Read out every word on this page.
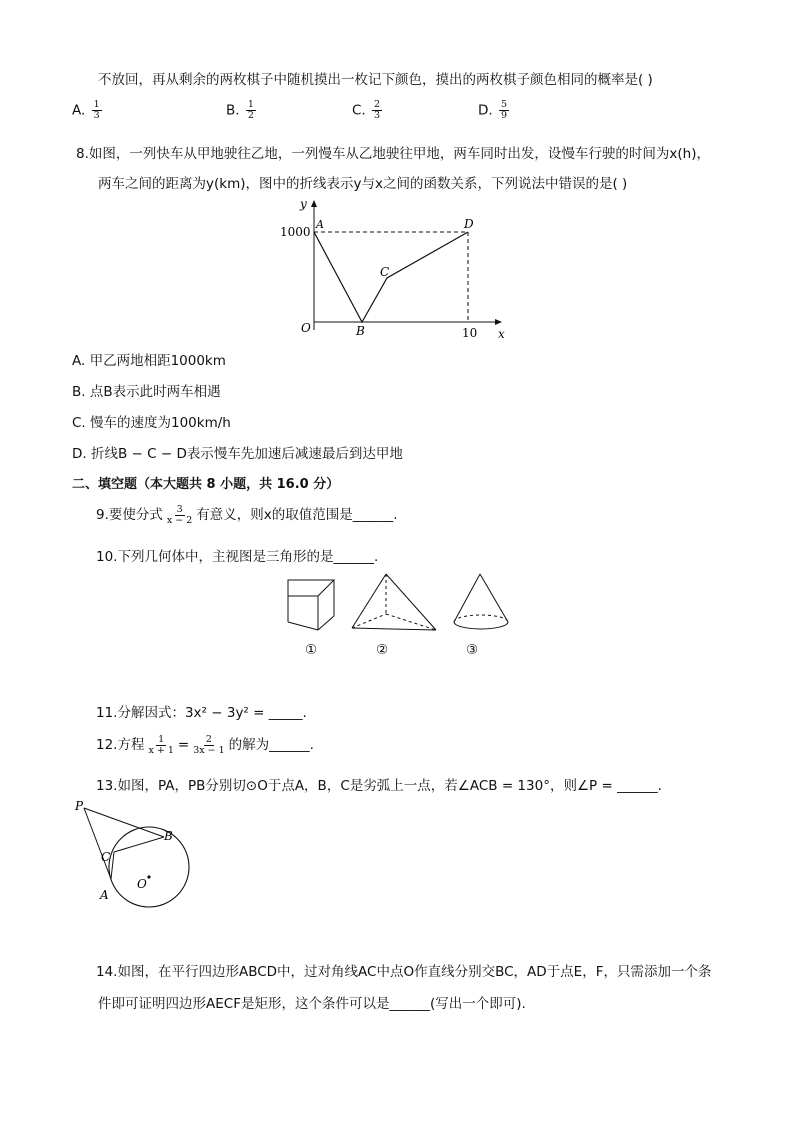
不放回，再从剩余的两枚棋子中随机摸出一枚记下颜色，摸出的两枚棋子颜色相同的概率是( )
A. $\frac{1}{3}$	B. $\frac{1}{2}$	C. $\frac{2}{3}$	D. $\frac{5}{9}$
8.如图，一列快车从甲地驶往乙地，一列慢车从乙地驶往甲地，两车同时出发，设慢车行驶的时间为x(h)，
两车之间的距离为y(km)，图中的折线表示y与x之间的函数关系，下列说法中错误的是( )
y
x
1000
10
A
B
C
D
O
A. 甲乙两地相距1000km
B. 点B表示此时两车相遇
C. 慢车的速度为100km/h
D. 折线B − C − D表示慢车先加速后减速最后到达甲地
二、填空题（本大题共 8 小题，共 16.0 分）
9.要使分式 $\frac{3}{x - 2}$ 有意义，则x的取值范围是______.
10.下列几何体中，主视图是三角形的是______.
①	②	③
11.分解因式：3x² − 3y² = _____.
12.方程 $\frac{1}{x + 1} = \frac{2}{3x - 1}$ 的解为______.
13.如图，PA，PB分别切⊙O于点A，B，C是劣弧上一点，若∠ACB = 130°，则∠P = ______.
P
B
C
A
O
14.如图，在平行四边形ABCD中，过对角线AC中点O作直线分别交BC，AD于点E，F，只需添加一个条
件即可证明四边形AECF是矩形，这个条件可以是______(写出一个即可).
